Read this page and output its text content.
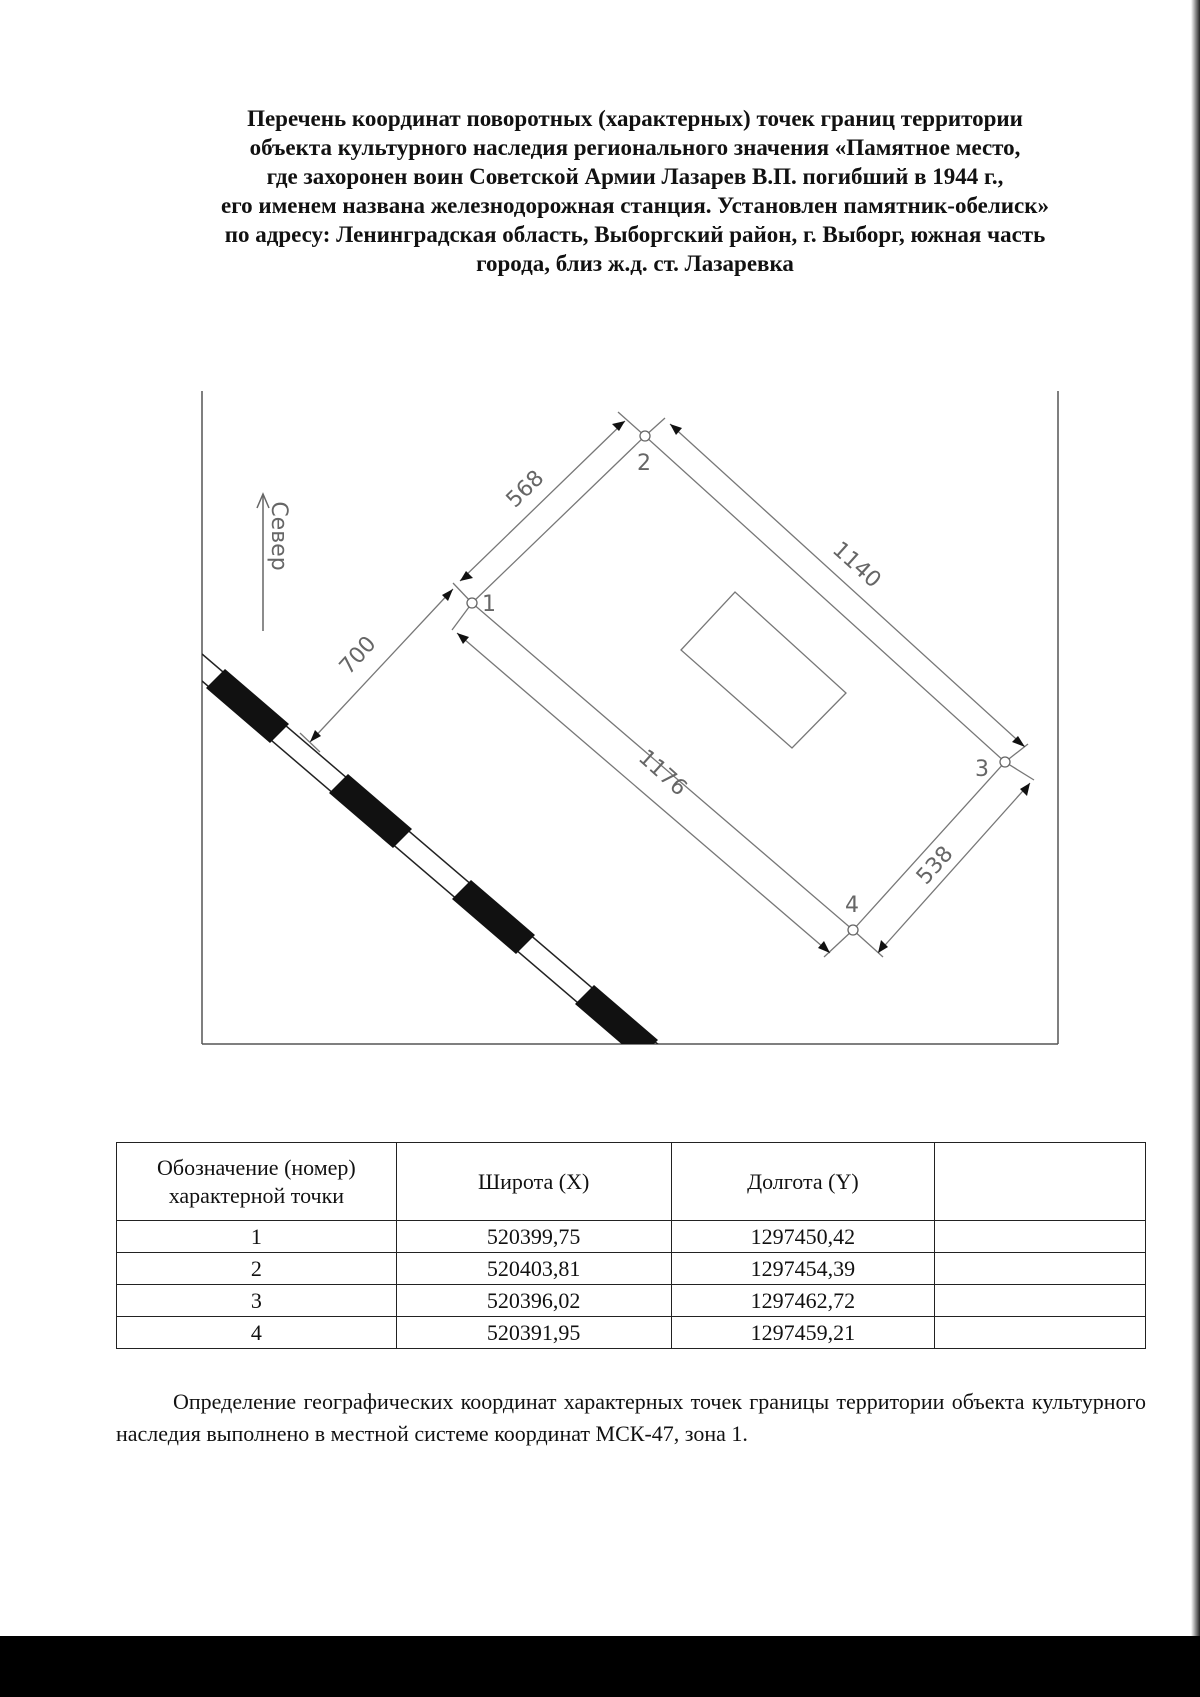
Перечень координат поворотных (характерных) точек границ территории
объекта культурного наследия регионального значения «Памятное место,
где захоронен воин Советской Армии Лазарев В.П. погибший в 1944 г.,
его именем названа железнодорожная станция. Установлен памятник-обелиск»
по адресу: Ленинградская область, Выборгский район, г. Выборг, южная часть
города, близ ж.д. ст. Лазаревка
Север
1
2
3
4
568
1140
538
1176
700
Обозначение (номер) характерной точки	Широта (X)	Долгота (Y)	
1	520399,75	1297450,42	
2	520403,81	1297454,39	
3	520396,02	1297462,72	
4	520391,95	1297459,21	
Определение географических координат характерных точек границы территории объекта культурного наследия выполнено в местной системе координат МСК-47, зона 1.
